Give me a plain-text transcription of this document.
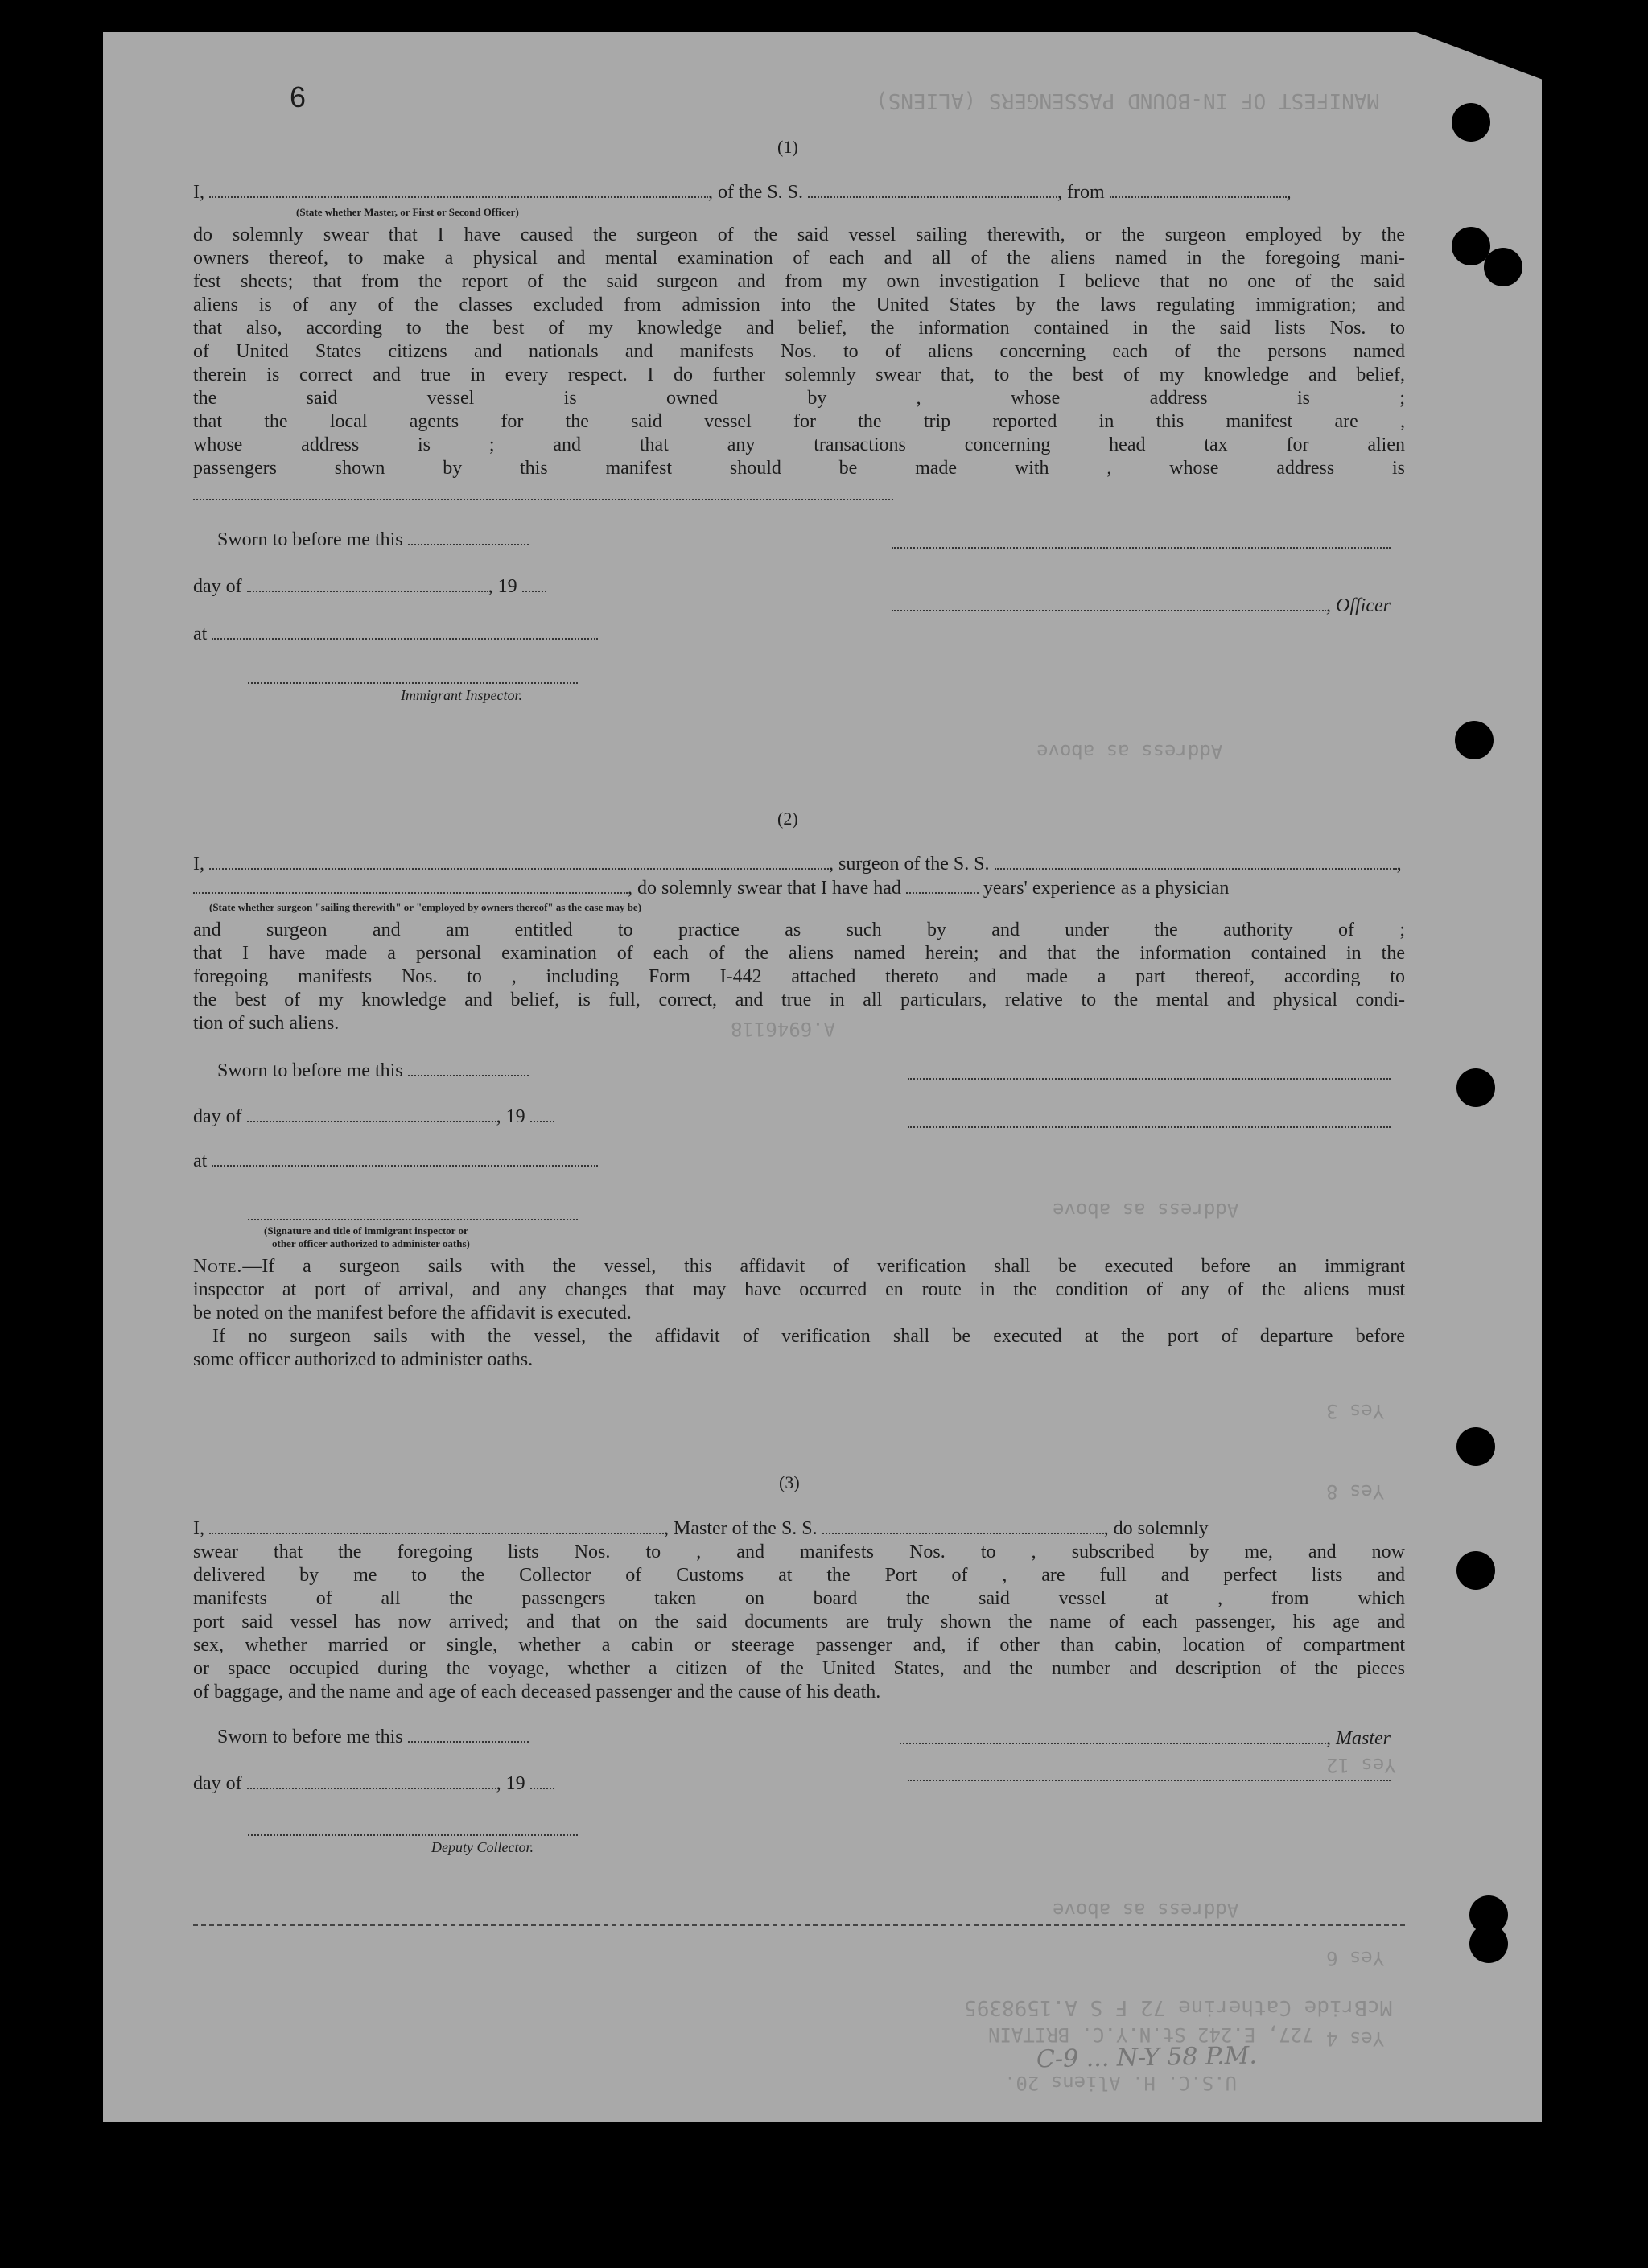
MANIFEST OF IN-BOUND PASSENGERS (ALIENS)
McBride Catherine 72 F S A.1598395
727, E.242 St.N.Y.C. BRITAIN
U.S.C. H. Aliens 20.
Address as above
Yes 3
Yes 8
Yes 6
Yes 4
Yes 12
Address as above
A.6946118
Address as above
6
(1)
I,	, of the S. S.	, from	,
(State whether Master, or First or Second Officer)
do solemnly swear that I have caused the surgeon of the said vessel sailing therewith, or the surgeon employed by the
owners thereof, to make a physical and mental examination of each and all of the aliens named in the foregoing mani-
fest sheets; that from the report of the said surgeon and from my own investigation I believe that no one of the said
aliens is of any of the classes excluded from admission into the United States by the laws regulating immigration; and
that also, according to the best of my knowledge and belief, the information contained in the said lists Nos. to
of United States citizens and nationals and manifests Nos. to of aliens concerning each of the persons named
therein is correct and true in every respect. I do further solemnly swear that, to the best of my knowledge and belief,
the said vessel is owned by , whose address is ;
that the local agents for the said vessel for the trip reported in this manifest are ,
whose address is ; and that any transactions concerning head tax for alien
passengers shown by this manifest should be made with , whose address is
Sworn to before me this
day of	, 19
at
Immigrant Inspector.
, Officer
(2)
I,	, surgeon of the S. S.	,
, do solemnly swear that I have had	years' experience as a physician
(State whether surgeon "sailing therewith" or "employed by owners thereof" as the case may be)
and surgeon and am entitled to practice as such by and under the authority of ;
that I have made a personal examination of each of the aliens named herein; and that the information contained in the
foregoing manifests Nos. to , including Form I-442 attached thereto and made a part thereof, according to
the best of my knowledge and belief, is full, correct, and true in all particulars, relative to the mental and physical condi-
tion of such aliens.
Sworn to before me this
day of	, 19
at
(Signature and title of immigrant inspector or
other officer authorized to administer oaths)
Note.—If a surgeon sails with the vessel, this affidavit of verification shall be executed before an immigrant
inspector at port of arrival, and any changes that may have occurred en route in the condition of any of the aliens must
be noted on the manifest before the affidavit is executed.
If no surgeon sails with the vessel, the affidavit of verification shall be executed at the port of departure before
some officer authorized to administer oaths.
(3)
I,	, Master of the S. S.	, do solemnly
swear that the foregoing lists Nos. to , and manifests Nos. to , subscribed by me, and now
delivered by me to the Collector of Customs at the Port of , are full and perfect lists and
manifests of all the passengers taken on board the said vessel at , from which
port said vessel has now arrived; and that on the said documents are truly shown the name of each passenger, his age and
sex, whether married or single, whether a cabin or steerage passenger and, if other than cabin, location of compartment
or space occupied during the voyage, whether a citizen of the United States, and the number and description of the pieces
of baggage, and the name and age of each deceased passenger and the cause of his death.
Sworn to before me this
day of	, 19
Deputy Collector.
, Master
C-9 ... N-Y 58 P.M.
